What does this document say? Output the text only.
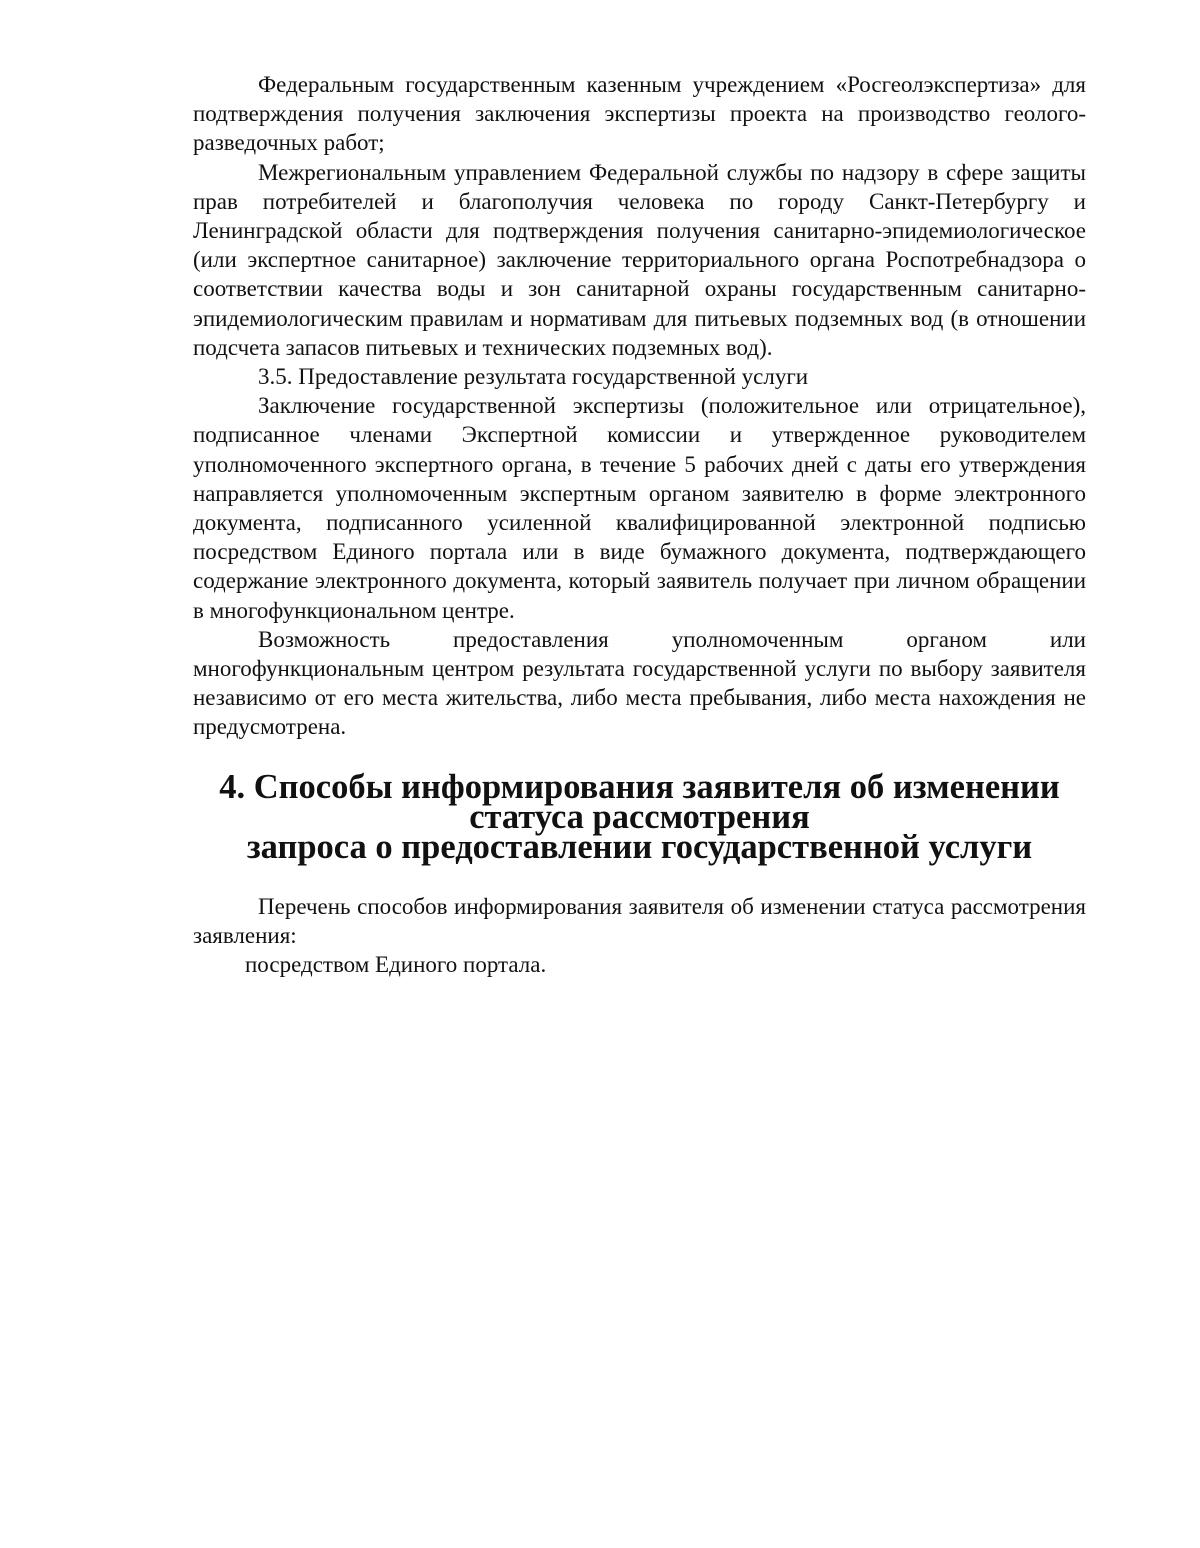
Федеральным государственным казенным учреждением «Росгеолэкспертиза» для подтверждения получения заключения экспертизы проекта на производство геолого-разведочных работ;

Межрегиональным управлением Федеральной службы по надзору в сфере защиты прав потребителей и благополучия человека по городу Санкт-Петербургу и Ленинградской области для подтверждения получения санитарно-эпидемиологическое (или экспертное санитарное) заключение территориального органа Роспотребнадзора о соответствии качества воды и зон санитарной охраны государственным санитарно-эпидемиологическим правилам и нормативам для питьевых подземных вод (в отношении подсчета запасов питьевых и технических подземных вод).

3.5. Предоставление результата государственной услуги

Заключение государственной экспертизы (положительное или отрицательное), подписанное членами Экспертной комиссии и утвержденное руководителем уполномоченного экспертного органа, в течение 5 рабочих дней с даты его утверждения направляется уполномоченным экспертным органом заявителю в форме электронного документа, подписанного усиленной квалифицированной электронной подписью посредством Единого портала или в виде бумажного документа, подтверждающего содержание электронного документа, который заявитель получает при личном обращении в многофункциональном центре.

Возможность предоставления уполномоченным органом или многофункциональным центром результата государственной услуги по выбору заявителя независимо от его места жительства, либо места пребывания, либо места нахождения не предусмотрена.

4. Способы информирования заявителя об изменении статуса рассмотрения
запроса о предоставлении государственной услуги

Перечень способов информирования заявителя об изменении статуса рассмотрения заявления:

посредством Единого портала.
